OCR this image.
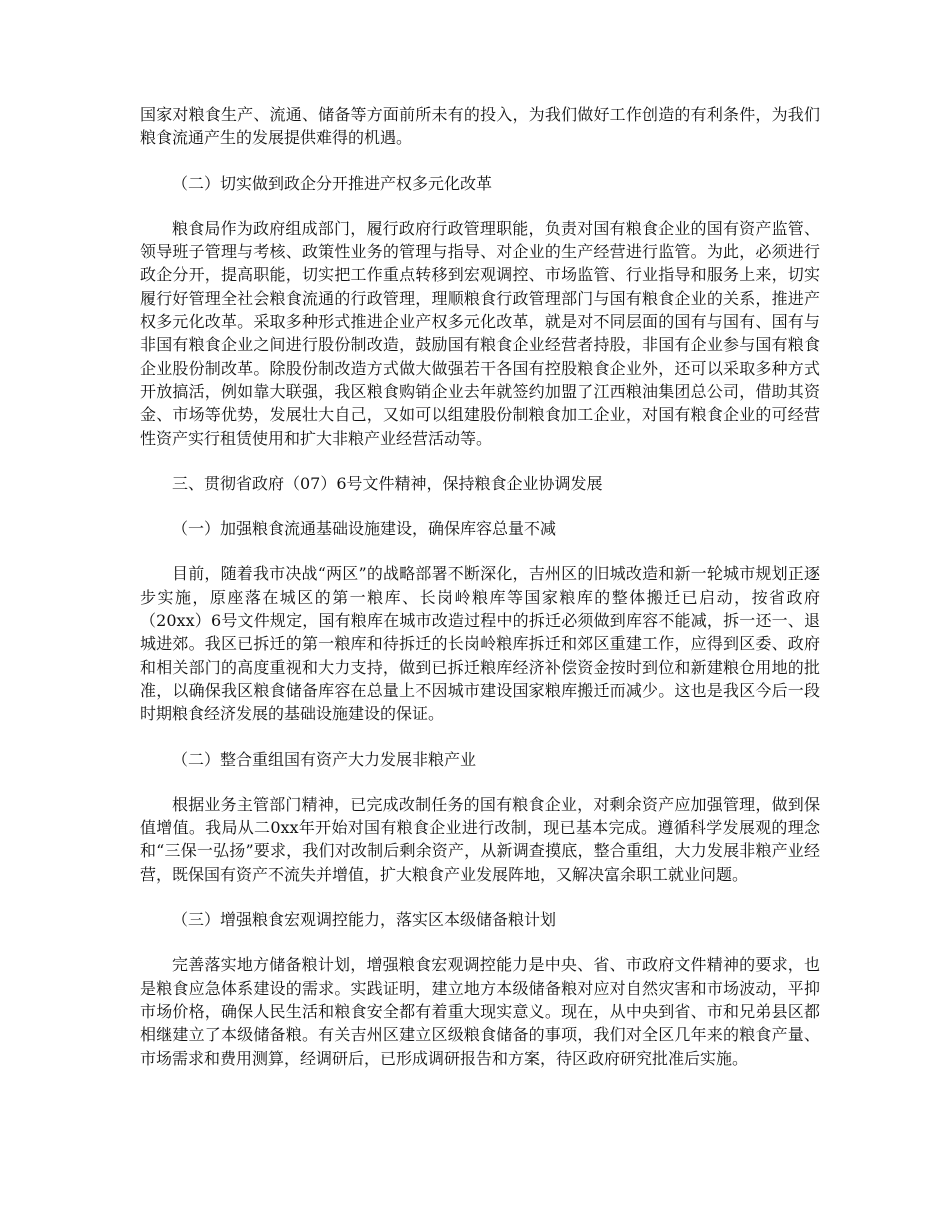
国家对粮食生产、流通、储备等方面前所未有的投入，为我们做好工作创造的有利条件，为我们粮食流通产生的发展提供难得的机遇。

（二）切实做到政企分开推进产权多元化改革

粮食局作为政府组成部门，履行政府行政管理职能，负责对国有粮食企业的国有资产监管、领导班子管理与考核、政策性业务的管理与指导、对企业的生产经营进行监管。为此，必须进行政企分开，提高职能，切实把工作重点转移到宏观调控、市场监管、行业指导和服务上来，切实履行好管理全社会粮食流通的行政管理，理顺粮食行政管理部门与国有粮食企业的关系，推进产权多元化改革。采取多种形式推进企业产权多元化改革，就是对不同层面的国有与国有、国有与非国有粮食企业之间进行股份制改造，鼓励国有粮食企业经营者持股，非国有企业参与国有粮食企业股份制改革。除股份制改造方式做大做强若干各国有控股粮食企业外，还可以采取多种方式开放搞活，例如靠大联强，我区粮食购销企业去年就签约加盟了江西粮油集团总公司，借助其资金、市场等优势，发展壮大自己，又如可以组建股份制粮食加工企业，对国有粮食企业的可经营性资产实行租赁使用和扩大非粮产业经营活动等。

三、贯彻省政府（07）6号文件精神，保持粮食企业协调发展

（一）加强粮食流通基础设施建设，确保库容总量不减

目前，随着我市决战“两区”的战略部署不断深化，吉州区的旧城改造和新一轮城市规划正逐步实施，原座落在城区的第一粮库、长岗岭粮库等国家粮库的整体搬迁已启动，按省政府（20xx）6号文件规定，国有粮库在城市改造过程中的拆迁必须做到库容不能减，拆一还一、退城进郊。我区已拆迁的第一粮库和待拆迁的长岗岭粮库拆迁和郊区重建工作，应得到区委、政府和相关部门的高度重视和大力支持，做到已拆迁粮库经济补偿资金按时到位和新建粮仓用地的批准，以确保我区粮食储备库容在总量上不因城市建设国家粮库搬迁而减少。这也是我区今后一段时期粮食经济发展的基础设施建设的保证。

（二）整合重组国有资产大力发展非粮产业

根据业务主管部门精神，已完成改制任务的国有粮食企业，对剩余资产应加强管理，做到保值增值。我局从二0xx年开始对国有粮食企业进行改制，现已基本完成。遵循科学发展观的理念和“三保一弘扬”要求，我们对改制后剩余资产，从新调查摸底，整合重组，大力发展非粮产业经营，既保国有资产不流失并增值，扩大粮食产业发展阵地，又解决富余职工就业问题。

（三）增强粮食宏观调控能力，落实区本级储备粮计划

完善落实地方储备粮计划，增强粮食宏观调控能力是中央、省、市政府文件精神的要求，也是粮食应急体系建设的需求。实践证明，建立地方本级储备粮对应对自然灾害和市场波动，平抑市场价格，确保人民生活和粮食安全都有着重大现实意义。现在，从中央到省、市和兄弟县区都相继建立了本级储备粮。有关吉州区建立区级粮食储备的事项，我们对全区几年来的粮食产量、市场需求和费用测算，经调研后，已形成调研报告和方案，待区政府研究批准后实施。
